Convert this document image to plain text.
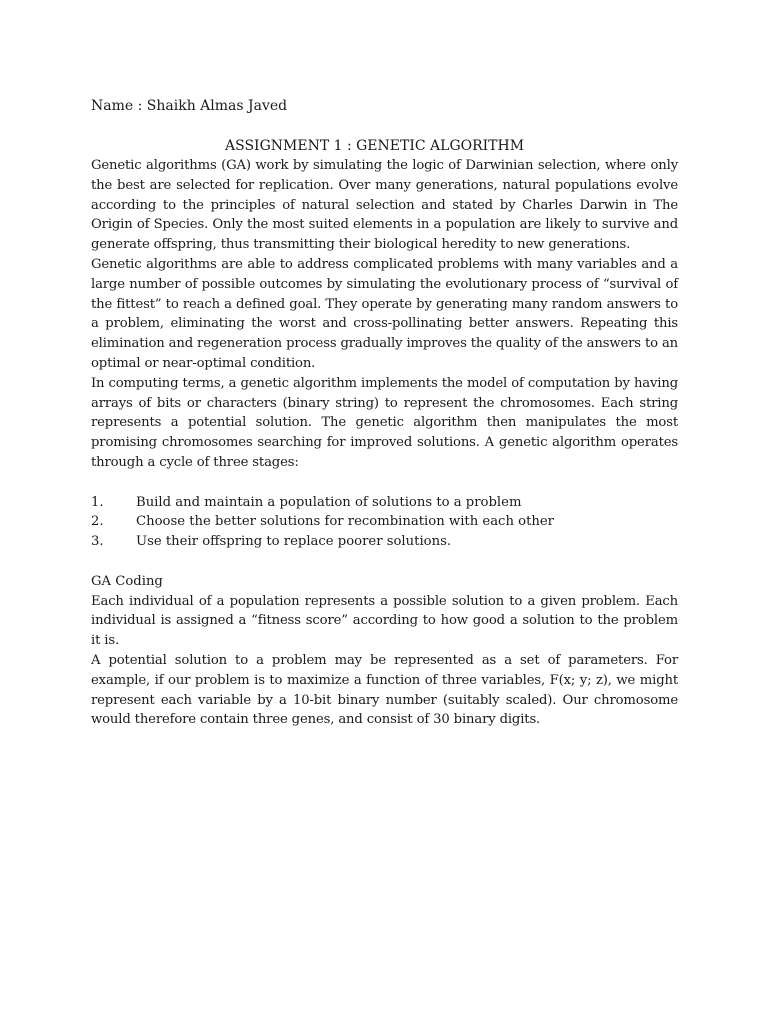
Name : Shaikh Almas Javed
ASSIGNMENT 1 : GENETIC ALGORITHM

Genetic algorithms (GA) work by simulating the logic of Darwinian selection, where only the best are selected for replication. Over many generations, natural populations evolve according to the principles of natural selection and stated by Charles Darwin in The Origin of Species. Only the most suited elements in a population are likely to survive and generate offspring, thus transmitting their biological heredity to new generations.

Genetic algorithms are able to address complicated problems with many variables and a large number of possible outcomes by simulating the evolutionary process of “survival of the fittest” to reach a defined goal. They operate by generating many random answers to a problem, eliminating the worst and cross-pollinating better answers. Repeating this elimination and regeneration process gradually improves the quality of the answers to an optimal or near-optimal condition.

In computing terms, a genetic algorithm implements the model of computation by having arrays of bits or characters (binary string) to represent the chromosomes. Each string represents a potential solution. The genetic algorithm then manipulates the most promising chromosomes searching for improved solutions. A genetic algorithm operates through a cycle of three stages:

1. Build and maintain a population of solutions to a problem
2. Choose the better solutions for recombination with each other
3. Use their offspring to replace poorer solutions.
GA Coding

Each individual of a population represents a possible solution to a given problem. Each individual is assigned a “fitness score” according to how good a solution to the problem it is.

A potential solution to a problem may be represented as a set of parameters. For example, if our problem is to maximize a function of three variables, F(x; y; z), we might represent each variable by a 10-bit binary number (suitably scaled). Our chromosome would therefore contain three genes, and consist of 30 binary digits.
